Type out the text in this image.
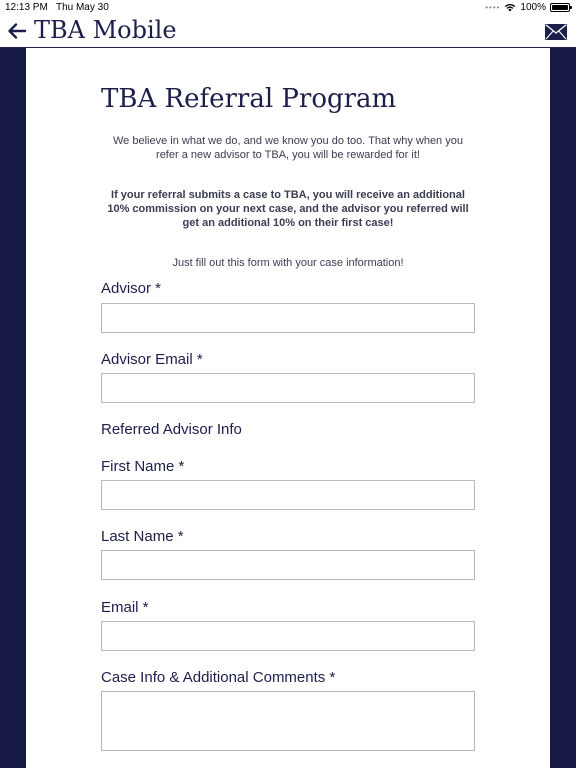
12:13 PM Thu May 30	•••• 100%
TBA Mobile
TBA Referral Program

We believe in what we do, and we know you do too. That why when you refer a new advisor to TBA, you will be rewarded for it!

If your referral submits a case to TBA, you will receive an additional 10% commission on your next case, and the advisor you referred will get an additional 10% on their first case!

Just fill out this form with your case information!

Advisor *

Advisor Email *

Referred Advisor Info

First Name *

Last Name *

Email *

Case Info & Additional Comments *
